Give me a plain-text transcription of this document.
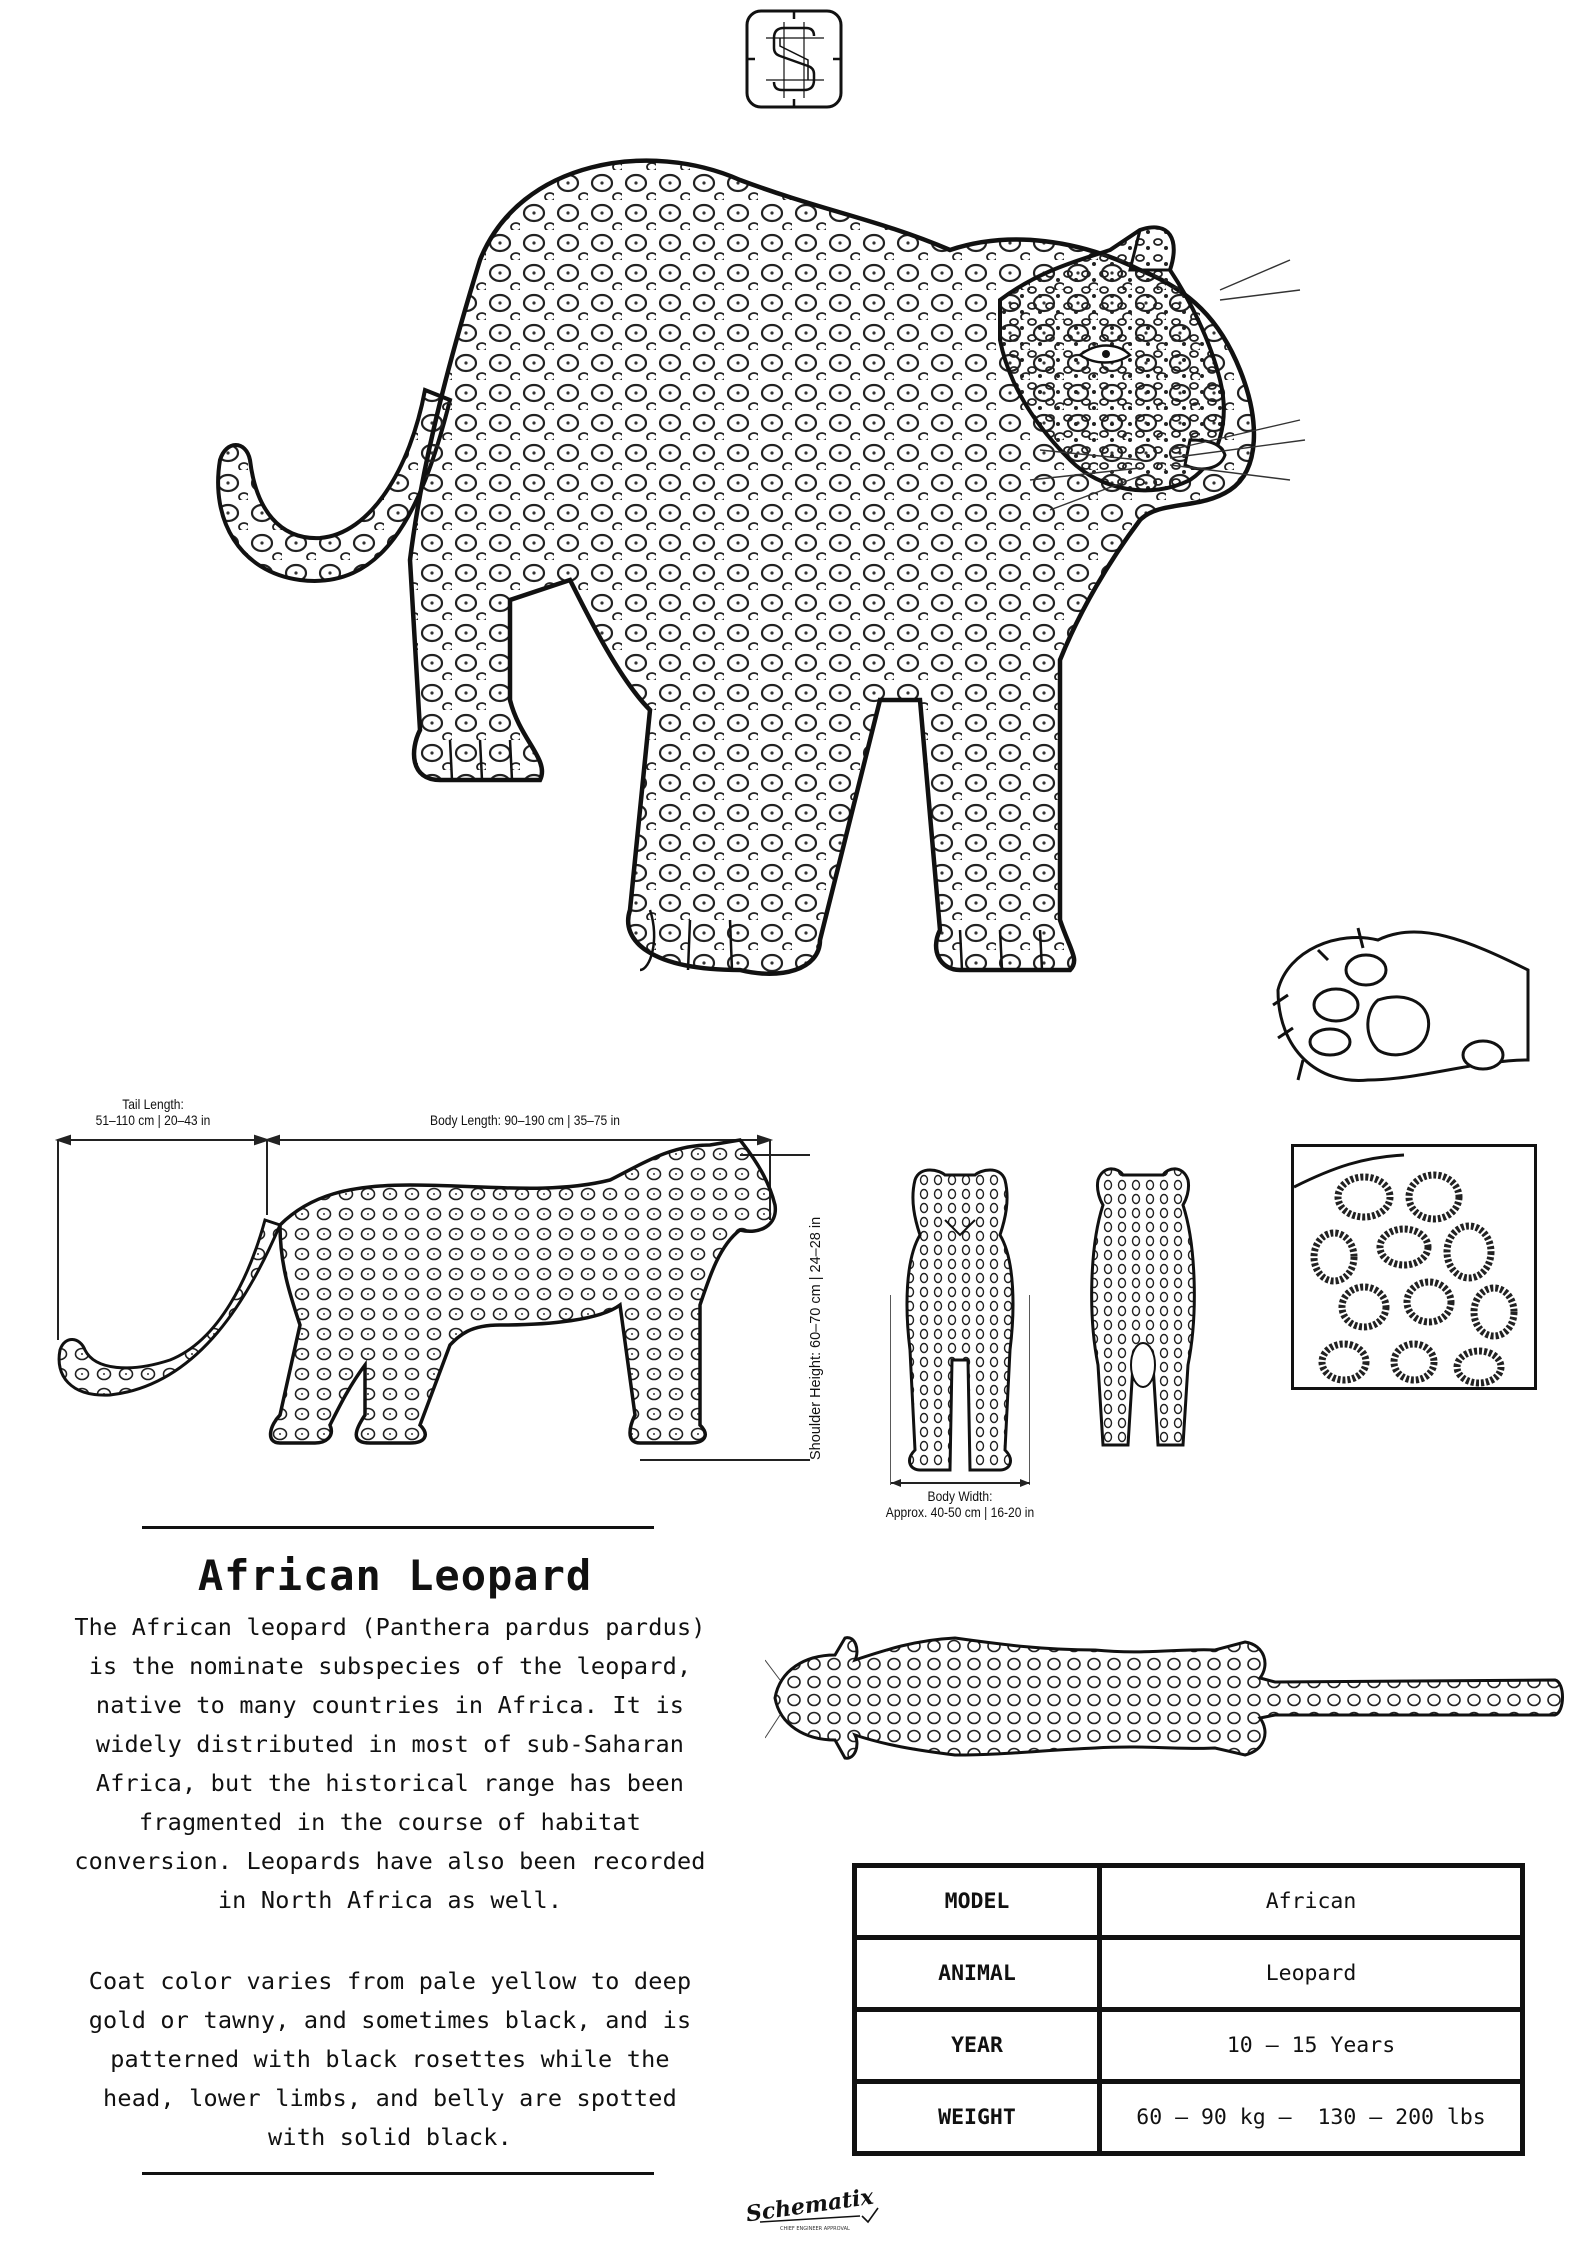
Tail Length:
51–110 cm | 20–43 in	Body Length: 90–190 cm | 35–75 in
Shoulder Height: 60–70 cm | 24–28 in
Body Width:
Approx. 40-50 cm | 16-20 in
African Leopard
The African leopard (Panthera pardus pardus)
is the nominate subspecies of the leopard,
native to many countries in Africa. It is
widely distributed in most of sub-Saharan
Africa, but the historical range has been
fragmented in the course of habitat
conversion. Leopards have also been recorded
in North Africa as well.
Coat color varies from pale yellow to deep
gold or tawny, and sometimes black, and is
patterned with black rosettes while the
head, lower limbs, and belly are spotted
with solid black.
MODEL	African
ANIMAL	Leopard
YEAR	10 – 15 Years
WEIGHT	60 – 90 kg –  130 – 200 lbs
Schematix
CHIEF ENGINEER APPROVAL
